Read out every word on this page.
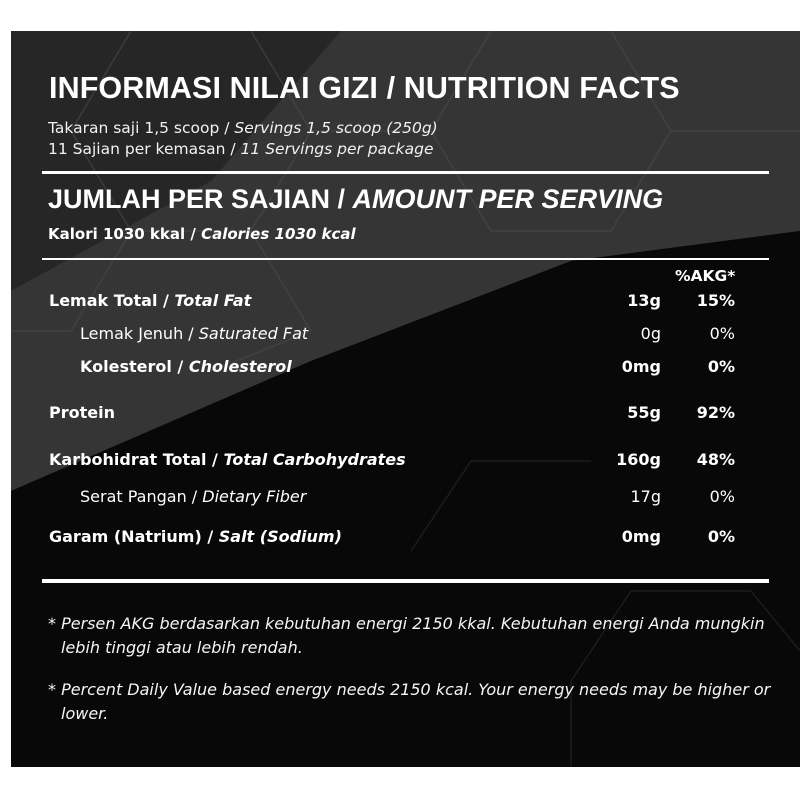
INFORMASI NILAI GIZI / NUTRITION FACTS
Takaran saji 1,5 scoop / Servings 1,5 scoop (250g)
11 Sajian per kemasan / 11 Servings per package
JUMLAH PER SAJIAN / AMOUNT PER SERVING
Kalori 1030 kkal / Calories 1030 kcal
%AKG*
Lemak Total / Total Fat	13g 15%
Lemak Jenuh / Saturated Fat	0g	0%
Kolesterol / Cholesterol	0mg	0%
Protein	55g 92%
Karbohidrat Total / Total Carbohydrates	160g 48%
Serat Pangan / Dietary Fiber	17g	0%
Garam (Natrium) / Salt (Sodium)	0mg	0%
* Persen AKG berdasarkan kebutuhan energi 2150 kkal. Kebutuhan energi Anda mungkin lebih tinggi atau lebih rendah.
* Percent Daily Value based energy needs 2150 kcal. Your energy needs may be higher or lower.
